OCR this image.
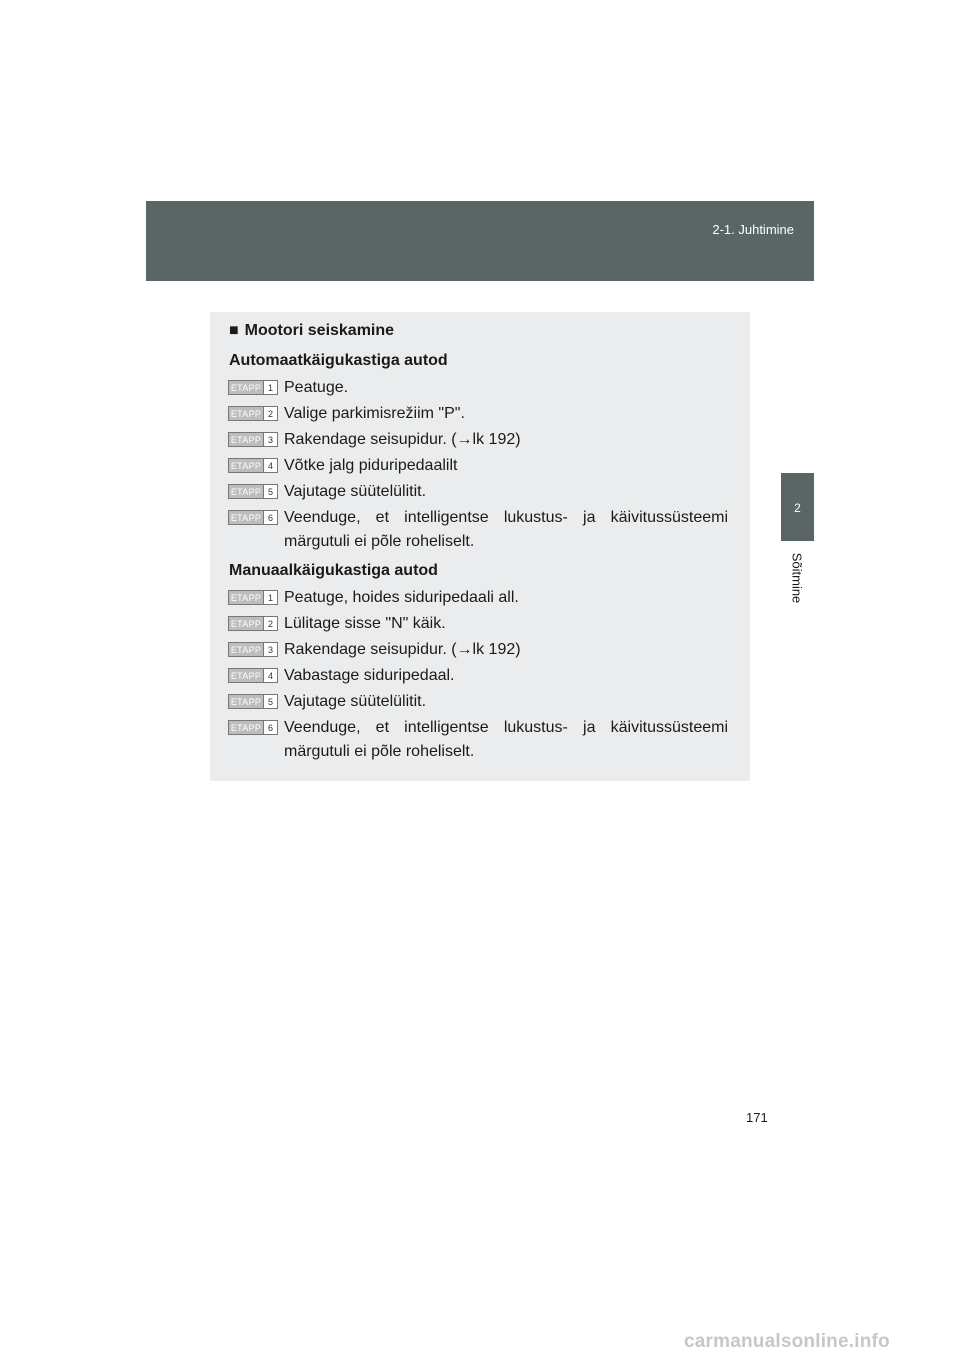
2-1. Juhtimine
2
Sõitmine
■ Mootori seiskamine
Automaatkäigukastiga autod
ETAPP 1 Peatuge.
ETAPP 2 Valige parkimisrežiim "P".
ETAPP 3 Rakendage seisupidur. (→lk 192)
ETAPP 4 Võtke jalg piduripedaalilt
ETAPP 5 Vajutage süütelülitit.
ETAPP 6 Veenduge, et intelligentse lukustus- ja käivitussüsteemi märgutuli ei põle roheliselt.
Manuaalkäigukastiga autod
ETAPP 1 Peatuge, hoides siduripedaali all.
ETAPP 2 Lülitage sisse "N" käik.
ETAPP 3 Rakendage seisupidur. (→lk 192)
ETAPP 4 Vabastage siduripedaal.
ETAPP 5 Vajutage süütelülitit.
ETAPP 6 Veenduge, et intelligentse lukustus- ja käivitussüsteemi märgutuli ei põle roheliselt.
171
carmanualsonline.info
